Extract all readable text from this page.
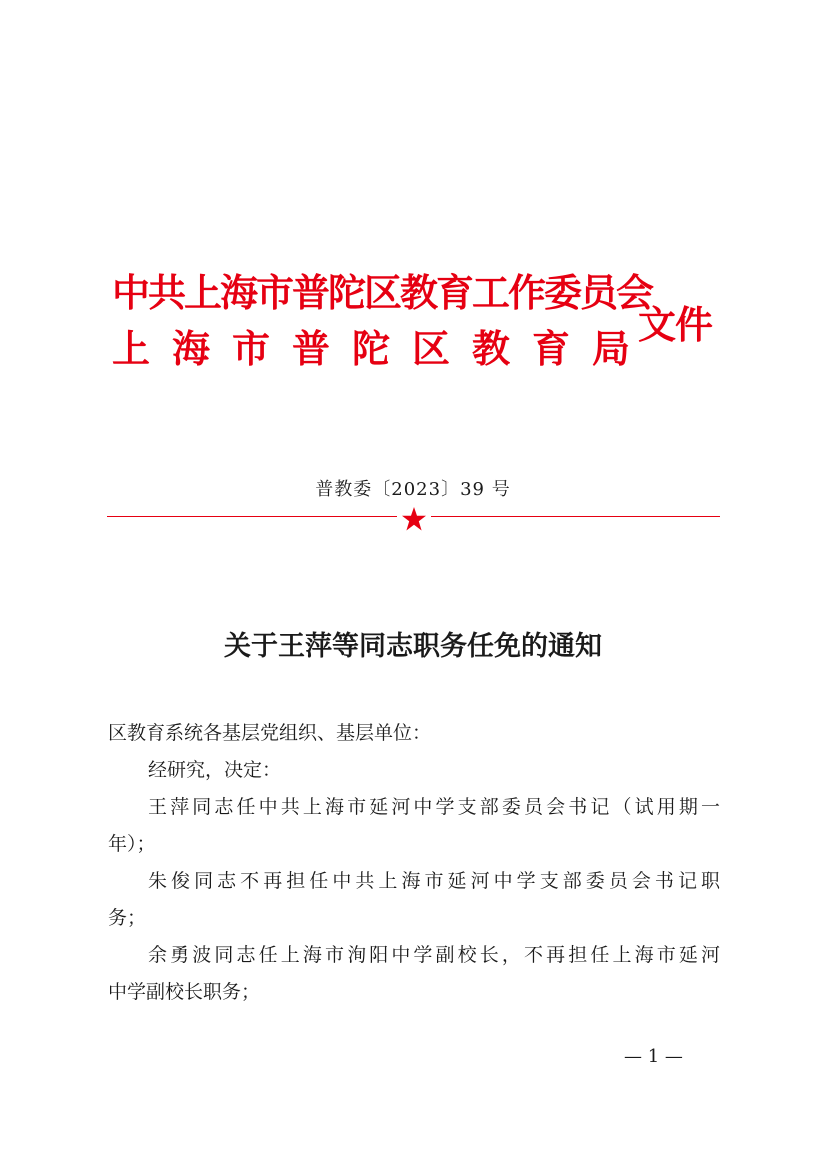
中共上海市普陀区教育工作委员会
上海市普陀区教育局
文件
普教委〔2023〕39 号
关于王萍等同志职务任免的通知
区教育系统各基层党组织、基层单位：
经研究，决定：
王萍同志任中共上海市延河中学支部委员会书记（试用期一
年）；
朱俊同志不再担任中共上海市延河中学支部委员会书记职
务；
余勇波同志任上海市洵阳中学副校长，不再担任上海市延河
中学副校长职务；
— 1 —
